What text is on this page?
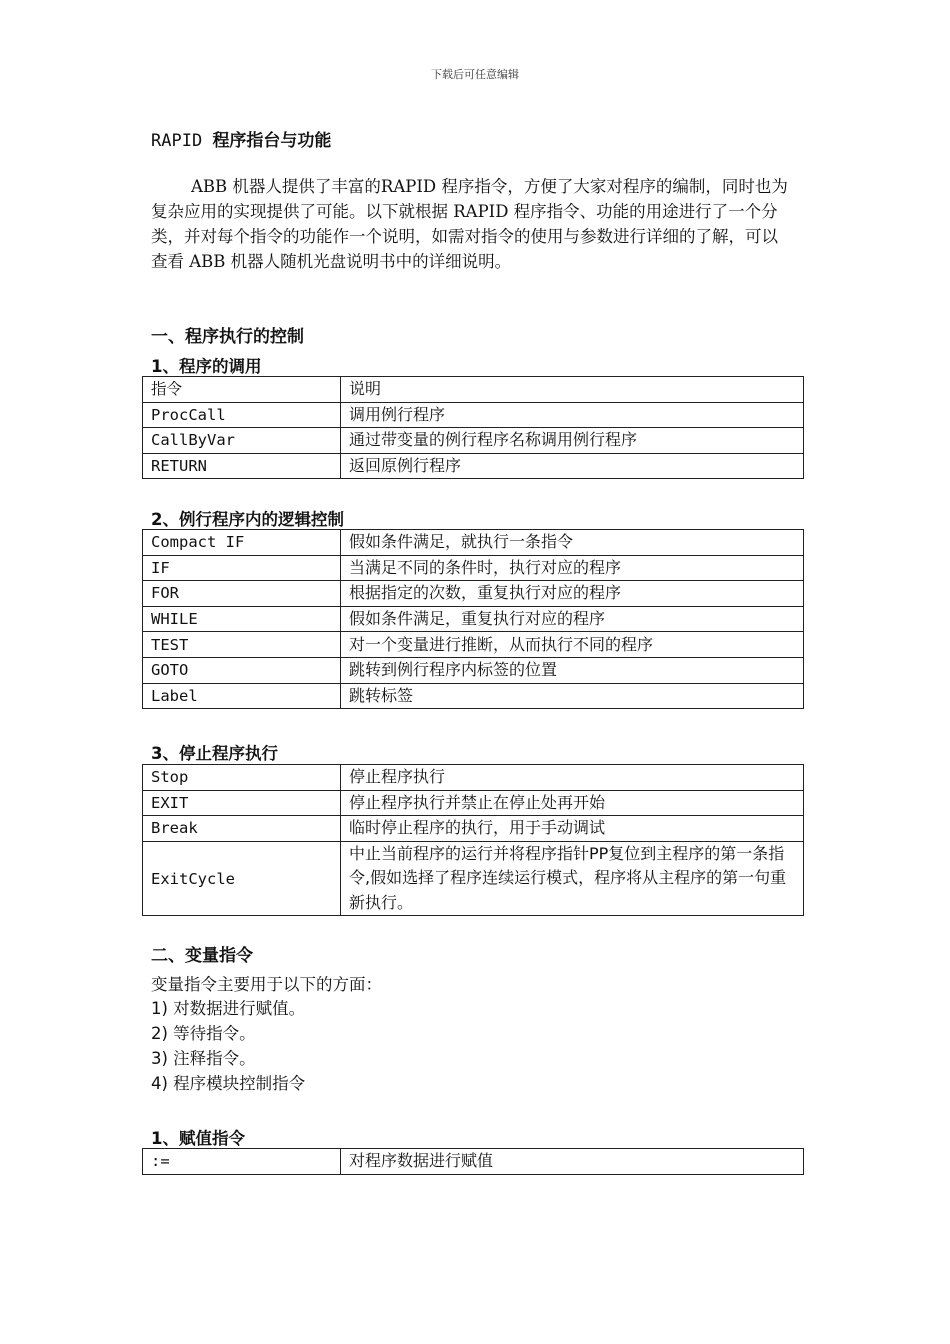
下载后可任意编辑
RAPID 程序指台与功能

ABB 机器人提供了丰富的RAPID 程序指令，方便了大家对程序的编制，同时也为复杂应用的实现提供了可能。以下就根据 RAPID 程序指令、功能的用途进行了一个分类，并对每个指令的功能作一个说明，如需对指令的使用与参数进行详细的了解，可以查看 ABB 机器人随机光盘说明书中的详细说明。

一、程序执行的控制
1、程序的调用
指令	说明
ProcCall	调用例行程序
CallByVar	通过带变量的例行程序名称调用例行程序
RETURN	返回原例行程序
2、例行程序内的逻辑控制
Compact IF	假如条件满足，就执行一条指令
IF	当满足不同的条件时，执行对应的程序
FOR	根据指定的次数，重复执行对应的程序
WHILE	假如条件满足，重复执行对应的程序
TEST	对一个变量进行推断，从而执行不同的程序
GOTO	跳转到例行程序内标签的位置
Label	跳转标签
3、停止程序执行
Stop	停止程序执行
EXIT	停止程序执行并禁止在停止处再开始
Break	临时停止程序的执行，用于手动调试
ExitCycle	中止当前程序的运行并将程序指针PP复位到主程序的第一条指令,假如选择了程序连续运行模式，程序将从主程序的第一句重新执行。
二、变量指令

变量指令主要用于以下的方面：

1) 对数据进行赋值。
2) 等待指令。
3) 注释指令。
4) 程序模块控制指令
1、赋值指令
:=	对程序数据进行赋值
